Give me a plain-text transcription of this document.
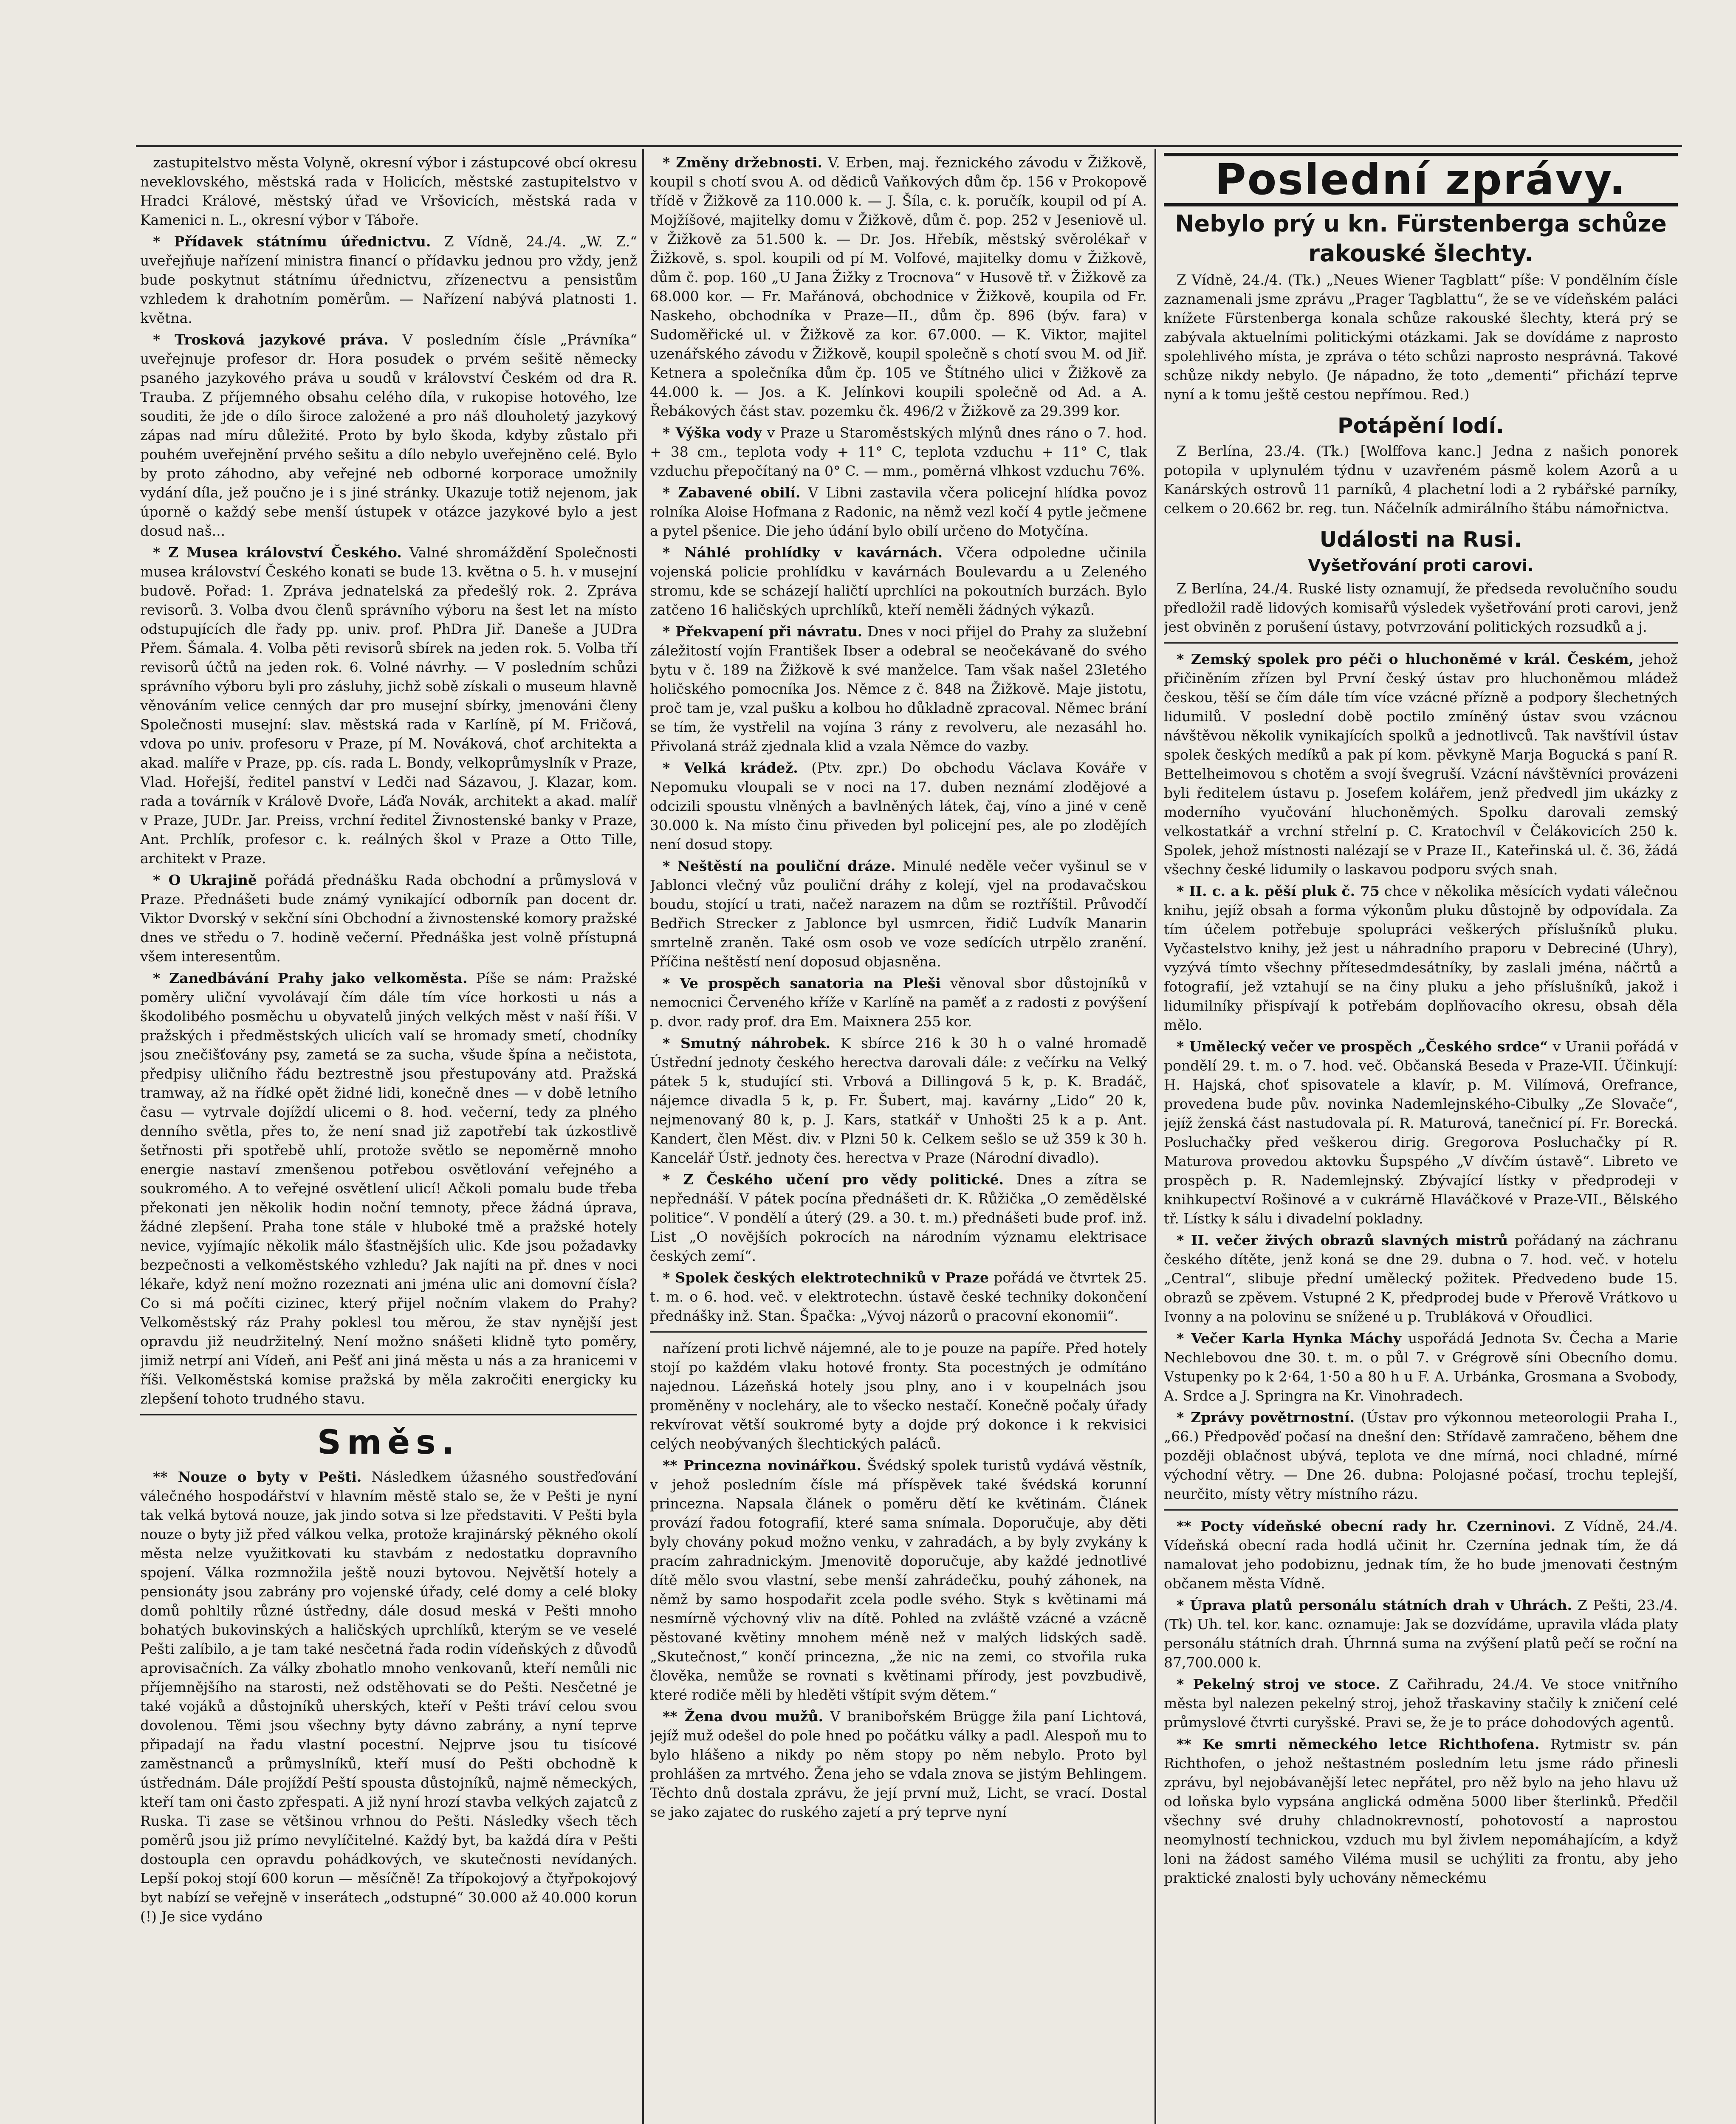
zastupitelstvo města Volyně, okresní výbor i zástupcové obcí okresu neveklovského, městská rada v Holicích, městské zastupitelstvo v Hradci Králové, městský úřad ve Vršovicích, městská rada v Kamenici n. L., okresní výbor v Táboře.

* Přídavek státnímu úřednictvu. Z Vídně, 24./4. „W. Z.“ uveřejňuje nařízení ministra financí o přídavku jednou pro vždy, jenž bude poskytnut státnímu úřednictvu, zřízenectvu a pensistům vzhledem k drahotním poměrům. — Nařízení nabývá platnosti 1. května.

* Trosková jazykové práva. V posledním čísle „Právníka“ uveřejnuje profesor dr. Hora posudek o prvém sešitě německy psaného jazykového práva u soudů v království Českém od dra R. Trauba. Z příjemného obsahu celého díla, v rukopise hotového, lze souditi, že jde o dílo široce založené a pro náš dlouholetý jazykový zápas nad míru důležité. Proto by bylo škoda, kdyby zůstalo při pouhém uveřejnění prvého sešitu a dílo nebylo uveřejněno celé. Bylo by proto záhodno, aby veřejné neb odborné korporace umožnily vydání díla, jež poučno je i s jiné stránky. Ukazuje totiž nejenom, jak úporně o každý sebe menší ústupek v otázce jazykové bylo a jest dosud naš...

* Z Musea království Českého. Valné shromáždění Společnosti musea království Českého konati se bude 13. května o 5. h. v musejní budově. Pořad: 1. Zpráva jednatelská za předešlý rok. 2. Zpráva revisorů. 3. Volba dvou členů správního výboru na šest let na místo odstupujících dle řady pp. univ. prof. PhDra Jiř. Daneše a JUDra Přem. Šámala. 4. Volba pěti revisorů sbírek na jeden rok. 5. Volba tří revisorů účtů na jeden rok. 6. Volné návrhy. — V posledním schůzi správního výboru byli pro zásluhy, jichž sobě získali o museum hlavně věnováním velice cenných dar pro musejní sbírky, jmenováni členy Společnosti musejní: slav. městská rada v Karlíně, pí M. Fričová, vdova po univ. profesoru v Praze, pí M. Nováková, choť architekta a akad. malíře v Praze, pp. cís. rada L. Bondy, velkoprůmyslník v Praze, Vlad. Hořejší, ředitel panství v Ledči nad Sázavou, J. Klazar, kom. rada a továrník v Králově Dvoře, Láďa Novák, architekt a akad. malíř v Praze, JUDr. Jar. Preiss, vrchní ředitel Živnostenské banky v Praze, Ant. Prchlík, profesor c. k. reálných škol v Praze a Otto Tille, architekt v Praze.

* O Ukrajině pořádá přednášku Rada obchodní a průmyslová v Praze. Přednášeti bude známý vynikající odborník pan docent dr. Viktor Dvorský v sekční síni Obchodní a živnostenské komory pražské dnes ve středu o 7. hodině večerní. Přednáška jest volně přístupná všem interesentům.

* Zanedbávání Prahy jako velkoměsta. Píše se nám: Pražské poměry uliční vyvolávají čím dále tím více horkosti u nás a škodolibého posměchu u obyvatelů jiných velkých měst v naší říši. V pražských i předměstských ulicích valí se hromady smetí, chodníky jsou znečišťovány psy, zametá se za sucha, všude špína a nečistota, předpisy uličního řádu beztrestně jsou přestupovány atd. Pražská tramway, až na řídké opět židné lidi, konečně dnes — v době letního času — vytrvale dojíždí ulicemi o 8. hod. večerní, tedy za plného denního světla, přes to, že není snad již zapotřebí tak úzkostlivě šetřnosti při spotřebě uhlí, protože světlo se nepoměrně mnoho energie nastaví zmenšenou potřebou osvětlování veřejného a soukromého. A to veřejné osvětlení ulicí! Ačkoli pomalu bude třeba překonati jen několik hodin noční temnoty, přece žádná úprava, žádné zlepšení. Praha tone stále v hluboké tmě a pražské hotely nevice, vyjímajíc několik málo šťastnějších ulic. Kde jsou požadavky bezpečnosti a velkoměstského vzhledu? Jak najíti na př. dnes v noci lékaře, když není možno rozeznati ani jména ulic ani domovní čísla? Co si má počíti cizinec, který přijel nočním vlakem do Prahy? Velkoměstský ráz Prahy poklesl tou měrou, že stav nynější jest opravdu již neudržitelný. Není možno snášeti klidně tyto poměry, jimiž netrpí ani Vídeň, ani Pešť ani jiná města u nás a za hranicemi v říši. Velkoměstská komise pražská by měla zakročiti energicky ku zlepšení tohoto trudného stavu.

Směs.

** Nouze o byty v Pešti. Následkem úžasného soustřeďování válečného hospodářství v hlavním městě stalo se, že v Pešti je nyní tak velká bytová nouze, jak jindo sotva si lze představiti. V Pešti byla nouze o byty již před válkou velka, protože krajinárský pěkného okolí města nelze využitkovati ku stavbám z nedostatku dopravního spojení. Válka rozmnožila ještě nouzi bytovou. Největší hotely a pensionáty jsou zabrány pro vojenské úřady, celé domy a celé bloky domů pohltily různé ústředny, dále dosud meská v Pešti mnoho bohatých bukovinských a haličských uprchlíků, kterým se ve veselé Pešti zalíbilo, a je tam také nesčetná řada rodin vídeňských z důvodů aprovisačních. Za války zbohatlo mnoho venkovanů, kteří nemůli nic příjemnějšího na starosti, než odstěhovati se do Pešti. Nesčetné je také vojáků a důstojníků uherských, kteří v Pešti tráví celou svou dovolenou. Těmi jsou všechny byty dávno zabrány, a nyní teprve připadají na řadu vlastní pocestní. Nejprve jsou tu tisícové zaměstnanců a průmyslníků, kteří musí do Pešti obchodně k ústřednám. Dále projíždí Peští spousta důstojníků, najmě německých, kteří tam oni často zpřespati. A již nyní hrozí stavba velkých zajatců z Ruska. Ti zase se většinou vrhnou do Pešti. Následky všech těch poměrů jsou již prímo nevylíčitelné. Každý byt, ba každá díra v Pešti dostoupla cen opravdu pohádkových, ve skutečnosti nevídaných. Lepší pokoj stojí 600 korun — měsíčně! Za třípokojový a čtyřpokojový byt nabízí se veřejně v inserátech „odstupné“ 30.000 až 40.000 korun (!) Je sice vydáno

* Změny držebnosti. V. Erben, maj. řeznického závodu v Žižkově, koupil s chotí svou A. od dědiců Vaňkových dům čp. 156 v Prokopově třídě v Žižkově za 110.000 k. — J. Šíla, c. k. poručík, koupil od pí A. Mojžíšové, majitelky domu v Žižkově, dům č. pop. 252 v Jeseniově ul. v Žižkově za 51.500 k. — Dr. Jos. Hřebík, městský svěrolékař v Žižkově, s. spol. koupili od pí M. Volfové, majitelky domu v Žižkově, dům č. pop. 160 „U Jana Žižky z Trocnova“ v Husově tř. v Žižkově za 68.000 kor. — Fr. Mařánová, obchodnice v Žižkově, koupila od Fr. Naskeho, obchodníka v Praze—II., dům čp. 896 (býv. fara) v Sudoměřické ul. v Žižkově za kor. 67.000. — K. Viktor, majitel uzenářského závodu v Žižkově, koupil společně s chotí svou M. od Jiř. Ketnera a společníka dům čp. 105 ve Štítného ulici v Žižkově za 44.000 k. — Jos. a K. Jelínkovi koupili společně od Ad. a A. Řebákových část stav. pozemku čk. 496/2 v Žižkově za 29.399 kor.

* Výška vody v Praze u Staroměstských mlýnů dnes ráno o 7. hod. + 38 cm., teplota vody + 11° C, teplota vzduchu + 11° C, tlak vzduchu přepočítaný na 0° C. — mm., poměrná vlhkost vzduchu 76%.

* Zabavené obilí. V Libni zastavila včera policejní hlídka povoz rolníka Aloise Hofmana z Radonic, na němž vezl kočí 4 pytle ječmene a pytel pšenice. Die jeho údání bylo obilí určeno do Motyčína.

* Náhlé prohlídky v kavárnách. Včera odpoledne učinila vojenská policie prohlídku v kavárnách Boulevardu a u Zeleného stromu, kde se scházejí haličtí uprchlíci na pokoutních burzách. Bylo zatčeno 16 haličských uprchlíků, kteří neměli žádných výkazů.

* Překvapení při návratu. Dnes v noci přijel do Prahy za služební záležitostí vojín František Ibser a odebral se neočekávaně do svého bytu v č. 189 na Žižkově k své manželce. Tam však našel 23letého holičského pomocníka Jos. Němce z č. 848 na Žižkově. Maje jistotu, proč tam je, vzal pušku a kolbou ho důkladně zpracoval. Němec brání se tím, že vystřelil na vojína 3 rány z revolveru, ale nezasáhl ho. Přivolaná stráž zjednala klid a vzala Němce do vazby.

* Velká krádež. (Ptv. zpr.) Do obchodu Václava Kováře v Nepomuku vloupali se v noci na 17. duben neznámí zlodějové a odcizili spoustu vlněných a bavlněných látek, čaj, víno a jiné v ceně 30.000 k. Na místo činu přiveden byl policejní pes, ale po zlodějích není dosud stopy.

* Neštěstí na pouliční dráze. Minulé neděle večer vyšinul se v Jablonci vlečný vůz pouliční dráhy z kolejí, vjel na prodavačskou boudu, stojící u trati, načež narazem na dům se roztříštil. Průvodčí Bedřich Strecker z Jablonce byl usmrcen, řidič Ludvík Manarin smrtelně zraněn. Také osm osob ve voze sedících utrpělo zranění. Příčina neštěstí není doposud objasněna.

* Ve prospěch sanatoria na Pleši věnoval sbor důstojníků v nemocnici Červeného kříže v Karlíně na paměť a z radosti z povýšení p. dvor. rady prof. dra Em. Maixnera 255 kor.

* Smutný náhrobek. K sbírce 216 k 30 h o valné hromadě Ústřední jednoty českého herectva darovali dále: z večírku na Velký pátek 5 k, studující sti. Vrbová a Dillingová 5 k, p. K. Bradáč, nájemce divadla 5 k, p. Fr. Šubert, maj. kavárny „Lido“ 20 k, nejmenovaný 80 k, p. J. Kars, statkář v Unhošti 25 k a p. Ant. Kandert, člen Měst. div. v Plzni 50 k. Celkem sešlo se už 359 k 30 h. Kancelář Ústř. jednoty čes. herectva v Praze (Národní divadlo).

* Z Českého učení pro vědy politické. Dnes a zítra se nepřednáší. V pátek pocína přednášeti dr. K. Růžička „O zemědělské politice“. V pondělí a úterý (29. a 30. t. m.) přednášeti bude prof. inž. List „O novějších pokrocích na národním významu elektrisace českých zemí“.

* Spolek českých elektrotechniků v Praze pořádá ve čtvrtek 25. t. m. o 6. hod. več. v elektrotechn. ústavě české techniky dokončení přednášky inž. Stan. Špačka: „Vývoj názorů o pracovní ekonomii“.

nařízení proti lichvě nájemné, ale to je pouze na papíře. Před hotely stojí po každém vlaku hotové fronty. Sta pocestných je odmítáno najednou. Lázeňská hotely jsou plny, ano i v koupelnách jsou proměněny v nocleháry, ale to všecko nestačí. Konečně počaly úřady rekvírovat větší soukromé byty a dojde prý dokonce i k rekvisici celých neobývaných šlechtických paláců.

** Princezna novinářkou. Švédský spolek turistů vydává věstník, v jehož posledním čísle má příspěvek také švédská korunní princezna. Napsala článek o poměru dětí ke květinám. Článek provází řadou fotografií, které sama snímala. Doporučuje, aby děti byly chovány pokud možno venku, v zahradách, a by byly zvykány k pracím zahradnickým. Jmenovitě doporučuje, aby každé jednotlivé dítě mělo svou vlastní, sebe menší zahrádečku, pouhý záhonek, na němž by samo hospodařit zcela podle svého. Styk s květinami má nesmírně výchovný vliv na dítě. Pohled na zvláště vzácné a vzácně pěstované květiny mnohem méně než v malých lidských sadě. „Skutečnost,“ končí princezna, „že nic na zemi, co stvořila ruka člověka, nemůže se rovnati s květinami přírody, jest povzbudivě, které rodiče měli by hleděti vštípit svým dětem.“

** Žena dvou mužů. V branibořském Brügge žila paní Lichtová, jejíž muž odešel do pole hned po počátku války a padl. Alespoň mu to bylo hlášeno a nikdy po něm stopy po něm nebylo. Proto byl prohlášen za mrtvého. Žena jeho se vdala znova se jistým Behlingem. Těchto dnů dostala zprávu, že její první muž, Licht, se vrací. Dostal se jako zajatec do ruského zajetí a prý teprve nyní

Poslední zprávy.
Nebylo prý u kn. Fürstenberga schůze
rakouské šlechty.

Z Vídně, 24./4. (Tk.) „Neues Wiener Tagblatt“ píše: V pondělním čísle zaznamenali jsme zprávu „Prager Tagblattu“, že se ve vídeňském paláci knížete Fürstenberga konala schůze rakouské šlechty, která prý se zabývala aktuelními politickými otázkami. Jak se dovídáme z naprosto spolehlivého místa, je zpráva o této schůzi naprosto nesprávná. Takové schůze nikdy nebylo. (Je nápadno, že toto „dementi“ přichází teprve nyní a k tomu ještě cestou nepřímou. Red.)

Potápění lodí.

Z Berlína, 23./4. (Tk.) [Wolffova kanc.] Jedna z našich ponorek potopila v uplynulém týdnu v uzavřeném pásmě kolem Azorů a u Kanárských ostrovů 11 parníků, 4 plachetní lodi a 2 rybářské parníky, celkem o 20.662 br. reg. tun. Náčelník admirálního štábu námořnictva.

Události na Rusi.
Vyšetřování proti carovi.

Z Berlína, 24./4. Ruské listy oznamují, že předseda revolučního soudu předložil radě lidových komisařů výsledek vyšetřování proti carovi, jenž jest obviněn z porušení ústavy, potvrzování politických rozsudků a j.

* Zemský spolek pro péči o hluchoněmé v král. Českém, jehož přičiněním zřízen byl První český ústav pro hluchoněmou mládež českou, těší se čím dále tím více vzácné přízně a podpory šlechetných lidumilů. V poslední době poctilo zmíněný ústav svou vzácnou návštěvou několik vynikajících spolků a jednotlivců. Tak navštívil ústav spolek českých medíků a pak pí kom. pěvkyně Marja Bogucká s paní R. Bettelheimovou s chotěm a svojí švegruší. Vzácní návštěvníci provázeni byli ředitelem ústavu p. Josefem kolářem, jenž předvedl jim ukázky z moderního vyučování hluchoněmých. Spolku darovali zemský velkostatkář a vrchní střelní p. C. Kratochvíl v Čelákovicích 250 k. Spolek, jehož místnosti nalézají se v Praze II., Kateřinská ul. č. 36, žádá všechny české lidumily o laskavou podporu svých snah.

* II. c. a k. pěší pluk č. 75 chce v několika měsících vydati válečnou knihu, jejíž obsah a forma výkonům pluku důstojně by odpovídala. Za tím účelem potřebuje spolupráci veškerých příslušníků pluku. Vyčastelstvo knihy, jež jest u náhradního praporu v Debreciné (Uhry), vyzývá tímto všechny přítesedmdesátníky, by zaslali jména, náčrtů a fotografií, jež vztahují se na činy pluku a jeho příslušníků, jakož i lidumilníky přispívají k potřebám doplňovacího okresu, obsah děla mělo.

* Umělecký večer ve prospěch „Českého srdce“ v Uranii pořádá v pondělí 29. t. m. o 7. hod. več. Občanská Beseda v Praze-VII. Účinkují: H. Hajská, choť spisovatele a klavír, p. M. Vilímová, Orefrance, provedena bude pův. novinka Nademlejnského-Cibulky „Ze Slovače“, jejíž ženská část nastudovala pí. R. Maturová, tanečnicí pí. Fr. Borecká. Posluchačky před veškerou dirig. Gregorova Posluchačky pí R. Maturova provedou aktovku Šupspého „V dívčím ústavě“. Libreto ve prospěch p. R. Nademlejnský. Zbývající lístky v předprodeji v knihkupectví Rošinové a v cukrárně Hlaváčkové v Praze-VII., Bělského tř. Lístky k sálu i divadelní pokladny.

* II. večer živých obrazů slavných mistrů pořádaný na záchranu českého dítěte, jenž koná se dne 29. dubna o 7. hod. več. v hotelu „Central“, slibuje přední umělecký požitek. Předvedeno bude 15. obrazů se zpěvem. Vstupné 2 K, předprodej bude v Přerově Vrátkovo u Ivonny a na polovinu se snížené u p. Trubláková v Ořoudlici.

* Večer Karla Hynka Máchy uspořádá Jednota Sv. Čecha a Marie Nechlebovou dne 30. t. m. o půl 7. v Grégrově síni Obecního domu. Vstupenky po k 2·64, 1·50 a 80 h u F. A. Urbánka, Grosmana a Svobody, A. Srdce a J. Springra na Kr. Vinohradech.

* Zprávy povětrnostní. (Ústav pro výkonnou meteorologii Praha I., „66.) Předpověď počasí na dnešní den: Střídavě zamračeno, během dne později oblačnost ubývá, teplota ve dne mírná, noci chladné, mírné východní větry. — Dne 26. dubna: Polojasné počasí, trochu teplejší, neurčito, místy větry místního rázu.

** Pocty vídeňské obecní rady hr. Czerninovi. Z Vídně, 24./4. Vídeňská obecní rada hodlá učinit hr. Czernína jednak tím, že dá namalovat jeho podobiznu, jednak tím, že ho bude jmenovati čestným občanem města Vídně.

* Úprava platů personálu státních drah v Uhrách. Z Pešti, 23./4. (Tk) Uh. tel. kor. kanc. oznamuje: Jak se dozvídáme, upravila vláda platy personálu státních drah. Úhrnná suma na zvýšení platů pečí se roční na 87,700.000 k.

* Pekelný stroj ve stoce. Z Cařihradu, 24./4. Ve stoce vnitřního města byl nalezen pekelný stroj, jehož třaskaviny stačily k zničení celé průmyslové čtvrti curyšské. Pravi se, že je to práce dohodových agentů.

** Ke smrti německého letce Richthofena. Rytmistr sv. pán Richthofen, o jehož neštastném posledním letu jsme rádo přinesli zprávu, byl nejobávanější letec nepřátel, pro něž bylo na jeho hlavu už od loňska bylo vypsána anglická odměna 5000 liber šterlinků. Předčil všechny své druhy chladnokrevností, pohotovostí a naprostou neomylností technickou, vzduch mu byl živlem nepomáhajícím, a když loni na žádost samého Viléma musil se uchýliti za frontu, aby jeho praktické znalosti byly uchovány německému
